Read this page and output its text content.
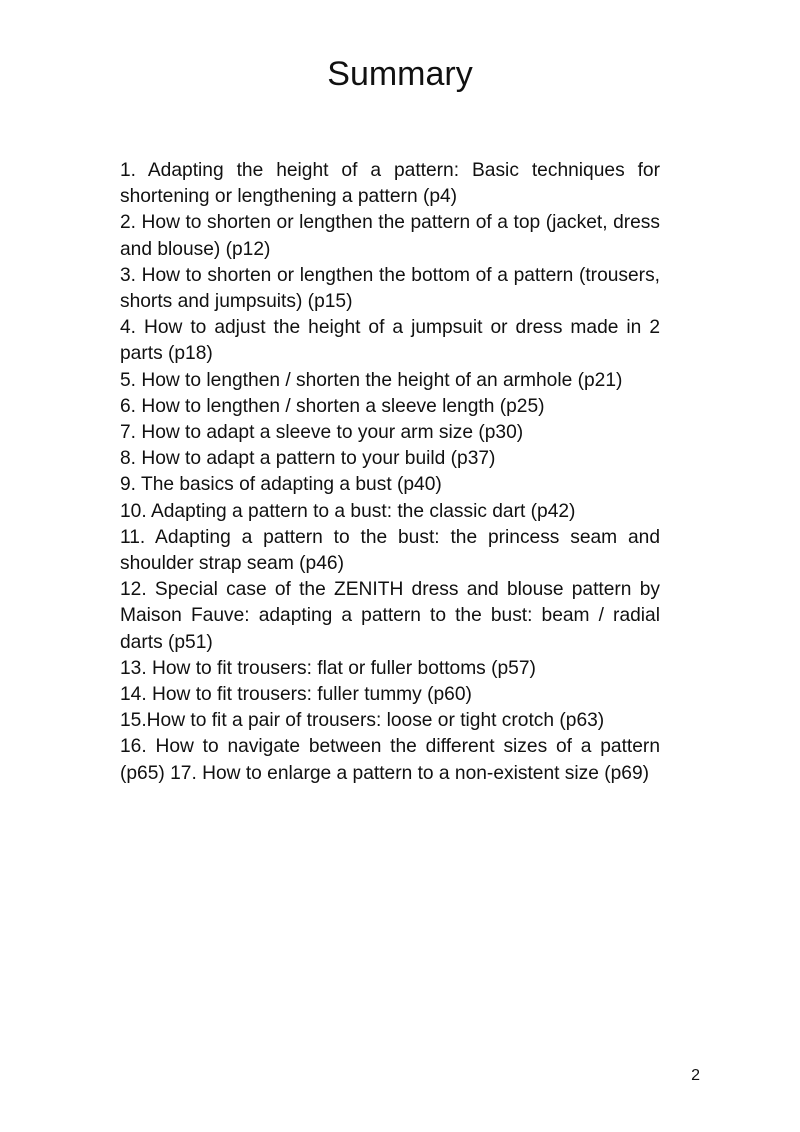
Summary

1. Adapting the height of a pattern: Basic techniques for shortening or lengthening a pattern (p4)

2. How to shorten or lengthen the pattern of a top (jacket, dress and blouse) (p12)

3. How to shorten or lengthen the bottom of a pattern (trousers, shorts and jumpsuits) (p15)

4. How to adjust the height of a jumpsuit or dress made in 2 parts (p18)

5. How to lengthen / shorten the height of an armhole (p21)

6. How to lengthen / shorten a sleeve length (p25)

7. How to adapt a sleeve to your arm size (p30)

8. How to adapt a pattern to your build (p37)

9. The basics of adapting a bust (p40)

10. Adapting a pattern to a bust: the classic dart (p42)

11. Adapting a pattern to the bust: the princess seam and shoulder strap seam (p46)

12. Special case of the ZENITH dress and blouse pattern by Maison Fauve: adapting a pattern to the bust: beam / radial darts (p51)

13. How to fit trousers: flat or fuller bottoms (p57)

14. How to fit trousers: fuller tummy (p60)

15.How to fit a pair of trousers: loose or tight crotch (p63)

16. How to navigate between the different sizes of a pattern (p65) 17. How to enlarge a pattern to a non-existent size (p69)

2
